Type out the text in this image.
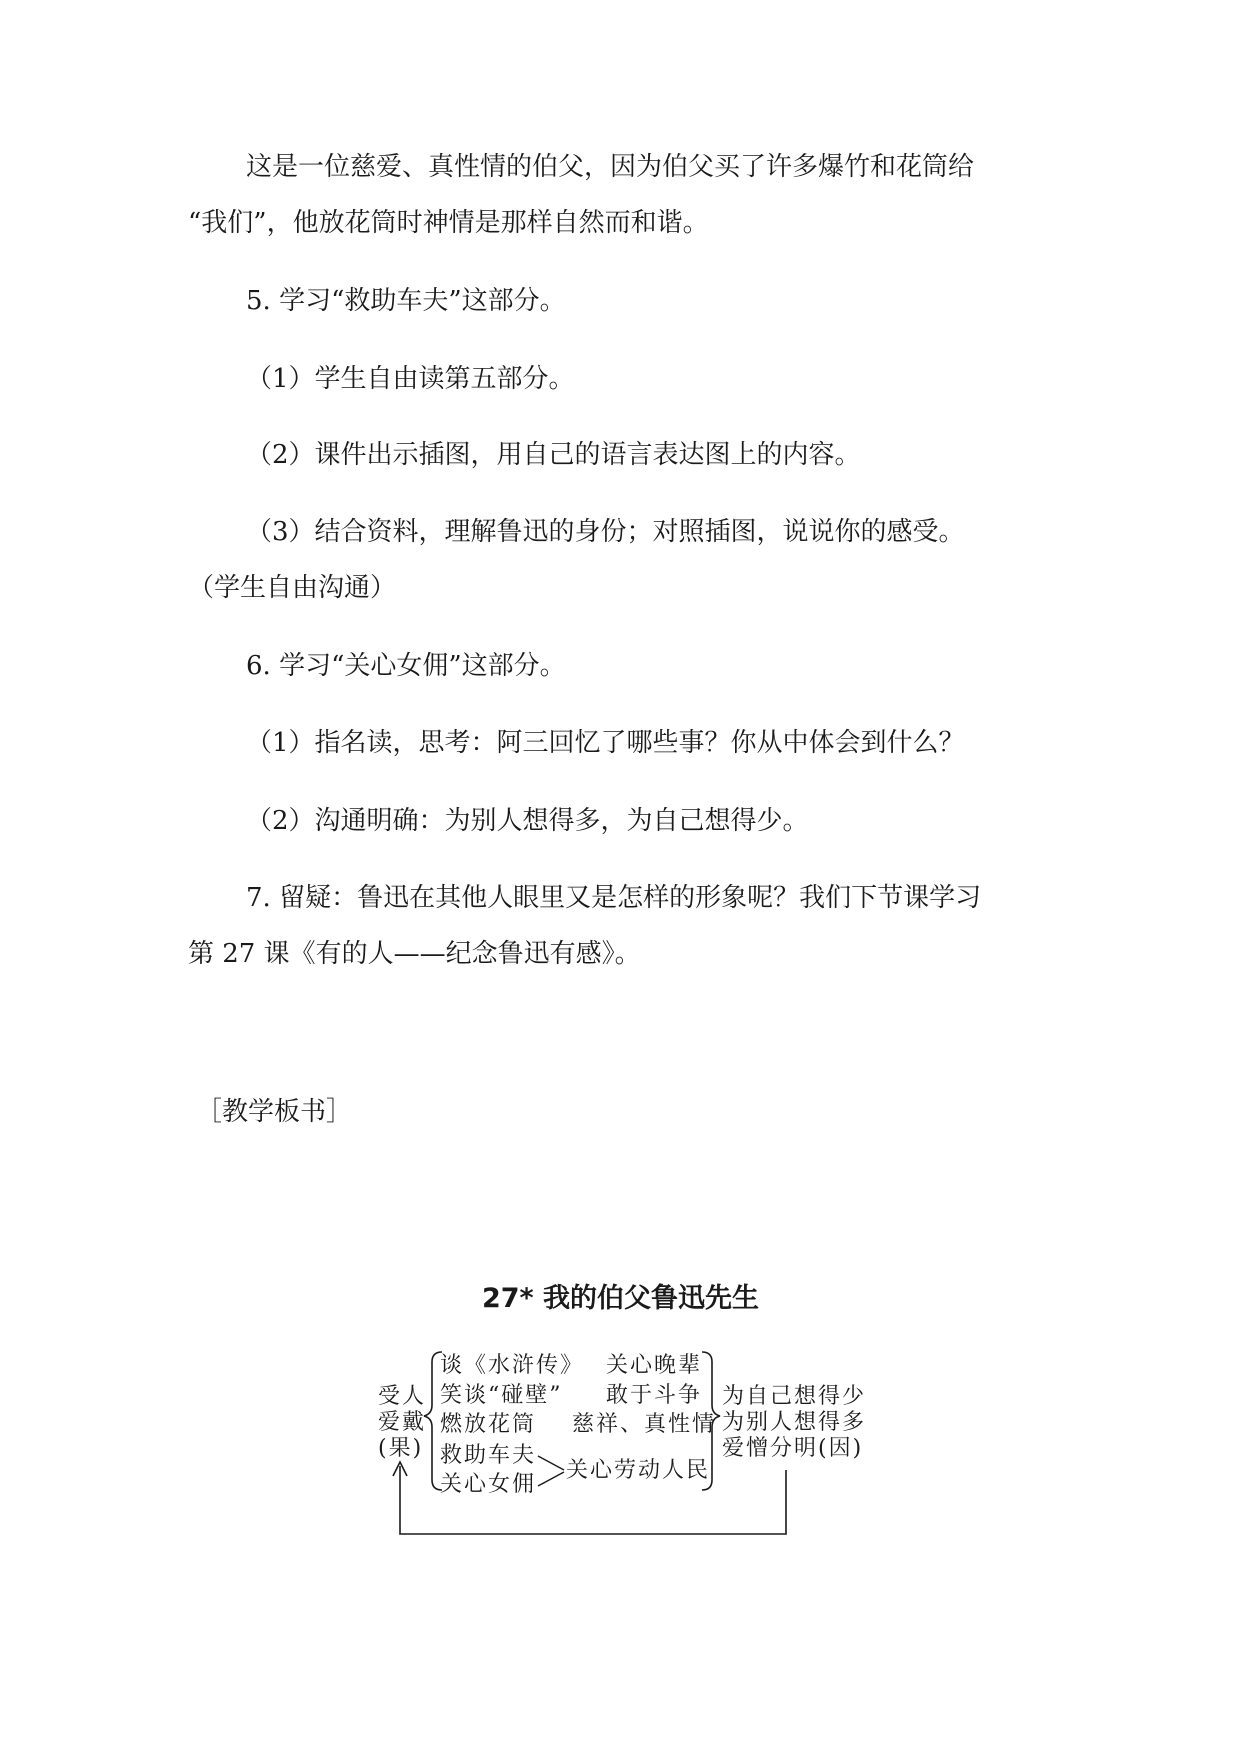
这是一位慈爱、真性情的伯父，因为伯父买了许多爆竹和花筒给

“我们”，他放花筒时神情是那样自然而和谐。

5. 学习“救助车夫”这部分。

（1）学生自由读第五部分。

（2）课件出示插图，用自己的语言表达图上的内容。

（3）结合资料，理解鲁迅的身份；对照插图，说说你的感受。

（学生自由沟通）

6. 学习“关心女佣”这部分。

（1）指名读，思考：阿三回忆了哪些事？你从中体会到什么？

（2）沟通明确：为别人想得多，为自己想得少。

7. 留疑：鲁迅在其他人眼里又是怎样的形象呢？我们下节课学习

第 27 课《有的人——纪念鲁迅有感》。

［教学板书］

27* 我的伯父鲁迅先生

受人
爱戴
(果)
谈《水浒传》
笑谈“碰壁”
燃放花筒
救助车夫
关心女佣
关心晚辈
敢于斗争
慈祥、真性情
关心劳动人民
为自己想得少
为别人想得多
爱憎分明(因)
